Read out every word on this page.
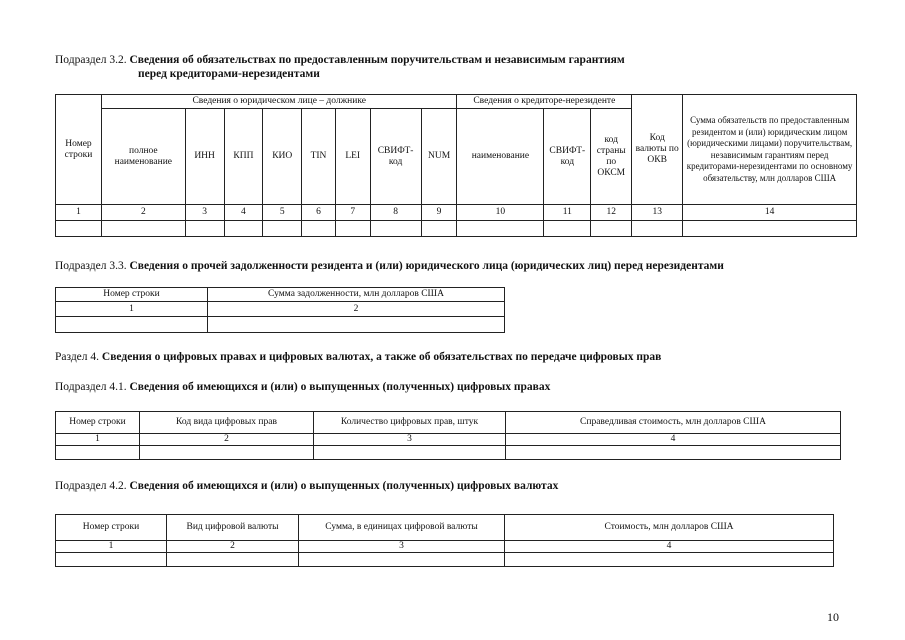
Подраздел 3.2. Сведения об обязательствах по предоставленным поручительствам и независимым гарантиям
перед кредиторами-нерезидентами
Номер строки	Сведения о юридическом лице – должнике								Сведения о кредиторе-нерезиденте			Код валюты по ОКВ	Сумма обязательств по предоставленным резидентом и (или) юридическим лицом (юридическими лицами) поручительствам, независимым гарантиям перед кредиторами-нерезидентами по основному обязательству, млн долларов США
	полное наименование	ИНН	КПП	КИО	TIN	LEI	СВИФТ-код	NUM	наименование	СВИФТ-код	код страны по ОКСМ		
1	2	3	4	5	6	7	8	9	10	11	12	13	14

Подраздел 3.3. Сведения о прочей задолженности резидента и (или) юридического лица (юридических лиц) перед нерезидентами
Номер строки	Сумма задолженности, млн долларов США
1	2

Раздел 4. Сведения о цифровых правах и цифровых валютах, а также об обязательствах по передаче цифровых прав
Подраздел 4.1. Сведения об имеющихся и (или) о выпущенных (полученных) цифровых правах
Номер строки	Код вида цифровых прав	Количество цифровых прав, штук	Справедливая стоимость, млн долларов США
1	2	3	4

Подраздел 4.2. Сведения об имеющихся и (или) о выпущенных (полученных) цифровых валютах
Номер строки	Вид цифровой валюты	Сумма, в единицах цифровой валюты	Стоимость, млн долларов США
1	2	3	4

10
